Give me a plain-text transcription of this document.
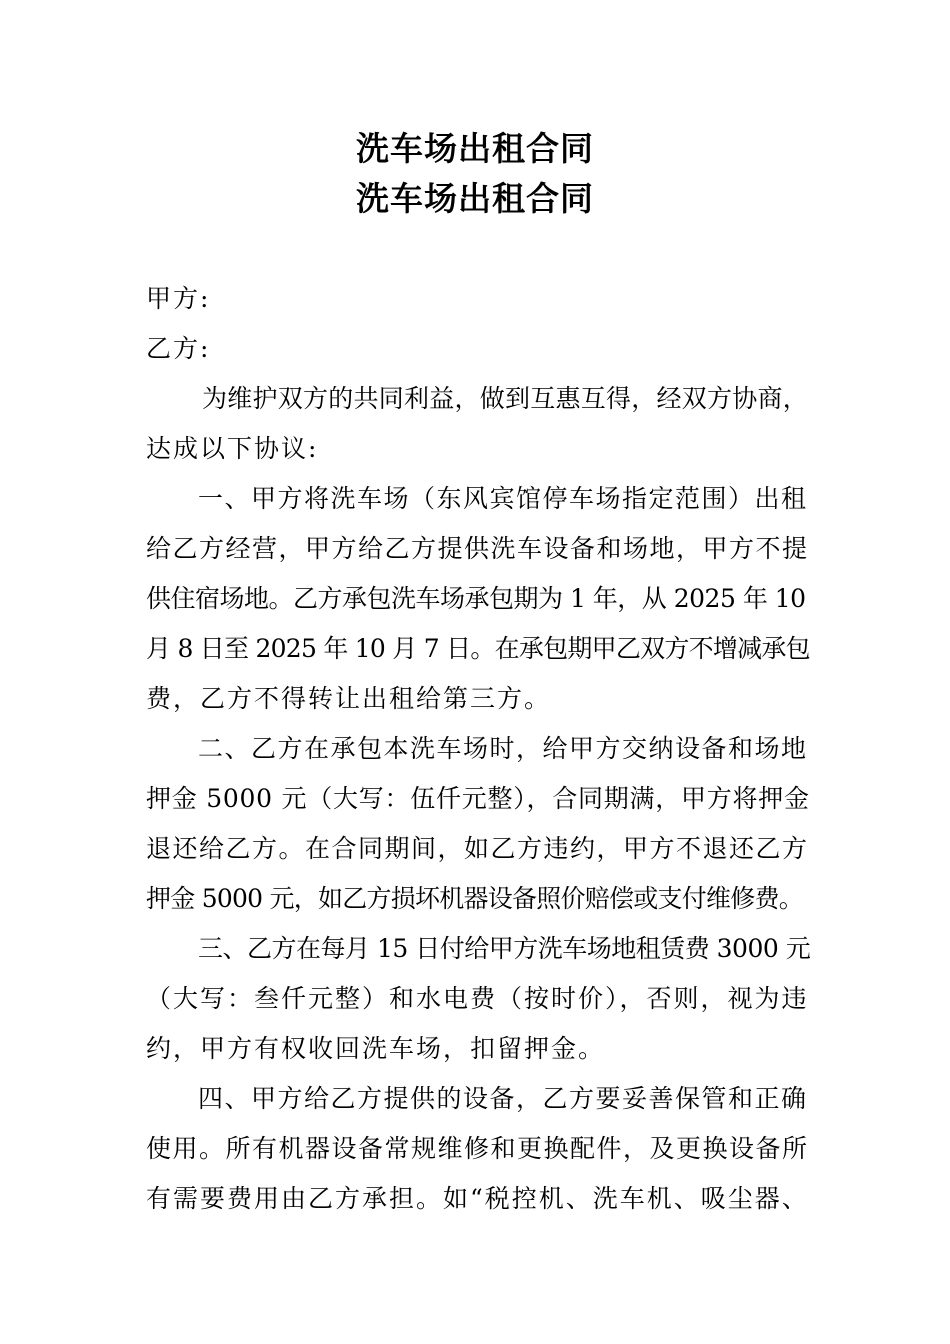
洗车场出租合同
洗车场出租合同
甲方:
乙方:
为维护双方的共同利益，做到互惠互得，经双方协商，
达成以下协议:
一、甲方将洗车场（东风宾馆停车场指定范围）出租
给乙方经营，甲方给乙方提供洗车设备和场地，甲方不提
供住宿场地。乙方承包洗车场承包期为 1 年，从 2025 年 10
月 8 日至 2025 年 10 月 7 日。在承包期甲乙双方不增减承包
费，乙方不得转让出租给第三方。
二、乙方在承包本洗车场时，给甲方交纳设备和场地
押金 5000 元（大写：伍仟元整），合同期满，甲方将押金
退还给乙方。在合同期间，如乙方违约，甲方不退还乙方
押金 5000 元，如乙方损坏机器设备照价赔偿或支付维修费。
三、乙方在每月 15 日付给甲方洗车场地租赁费 3000 元
（大写：叁仟元整）和水电费（按时价），否则，视为违
约，甲方有权收回洗车场，扣留押金。
四、甲方给乙方提供的设备，乙方要妥善保管和正确
使用。所有机器设备常规维修和更换配件，及更换设备所
有需要费用由乙方承担。如“税控机、洗车机、吸尘器、
